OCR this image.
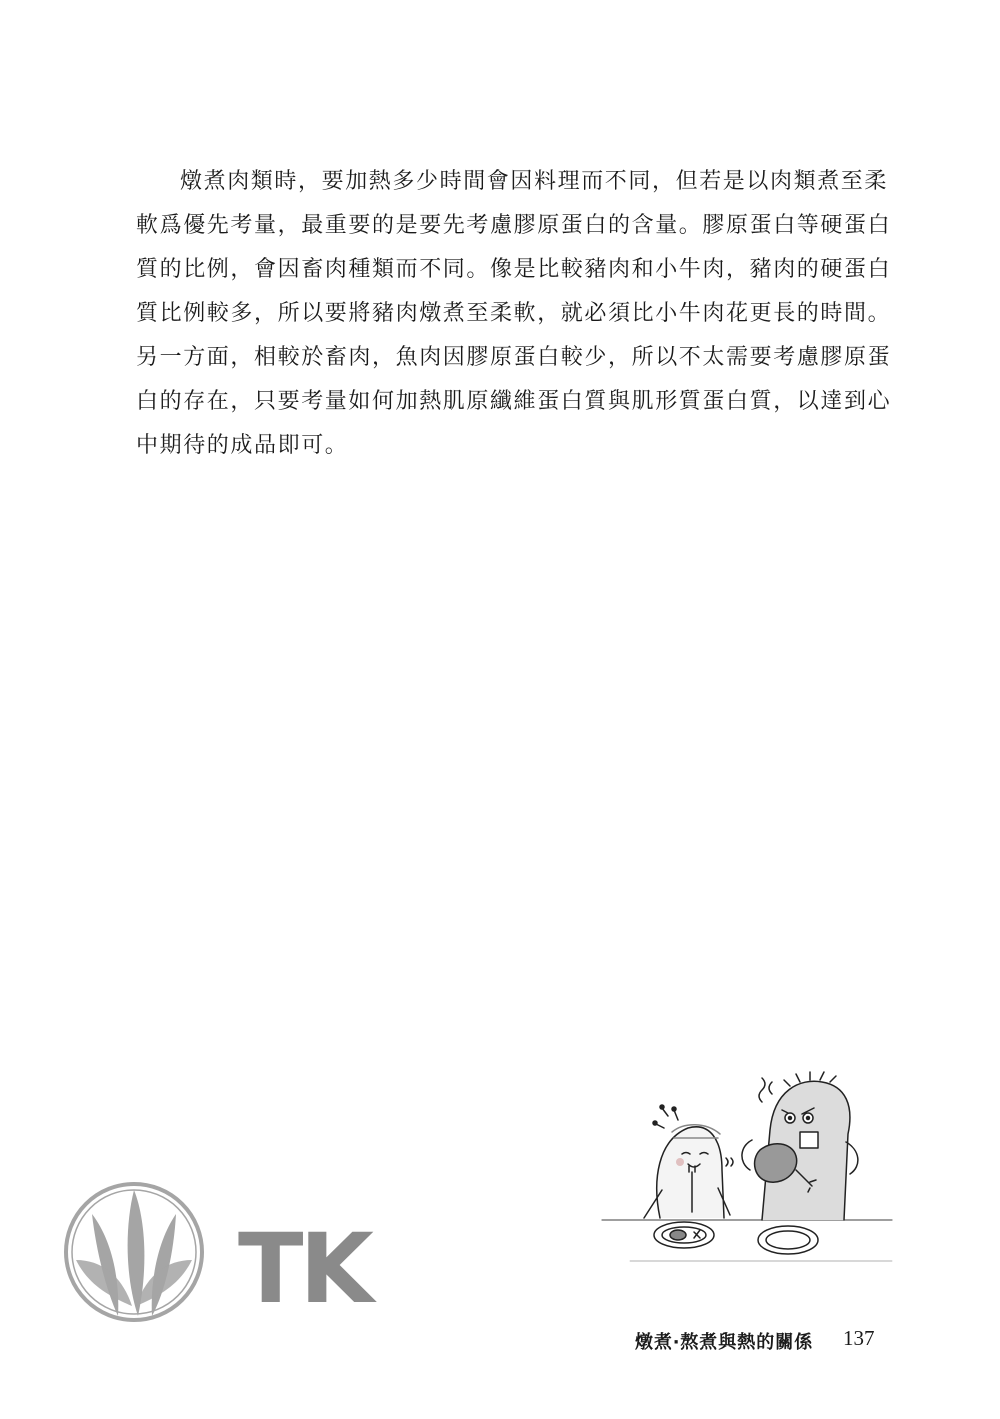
燉煮肉類時，要加熱多少時間會因料理而不同，但若是以肉類煮至柔
軟爲優先考量，最重要的是要先考慮膠原蛋白的含量。膠原蛋白等硬蛋白
質的比例，會因畜肉種類而不同。像是比較豬肉和小牛肉，豬肉的硬蛋白
質比例較多，所以要將豬肉燉煮至柔軟，就必須比小牛肉花更長的時間。
另一方面，相較於畜肉，魚肉因膠原蛋白較少，所以不太需要考慮膠原蛋
白的存在，只要考量如何加熱肌原纖維蛋白質與肌形質蛋白質，以達到心
中期待的成品即可。

TK
燉煮‧熬煮與熱的關係 137
